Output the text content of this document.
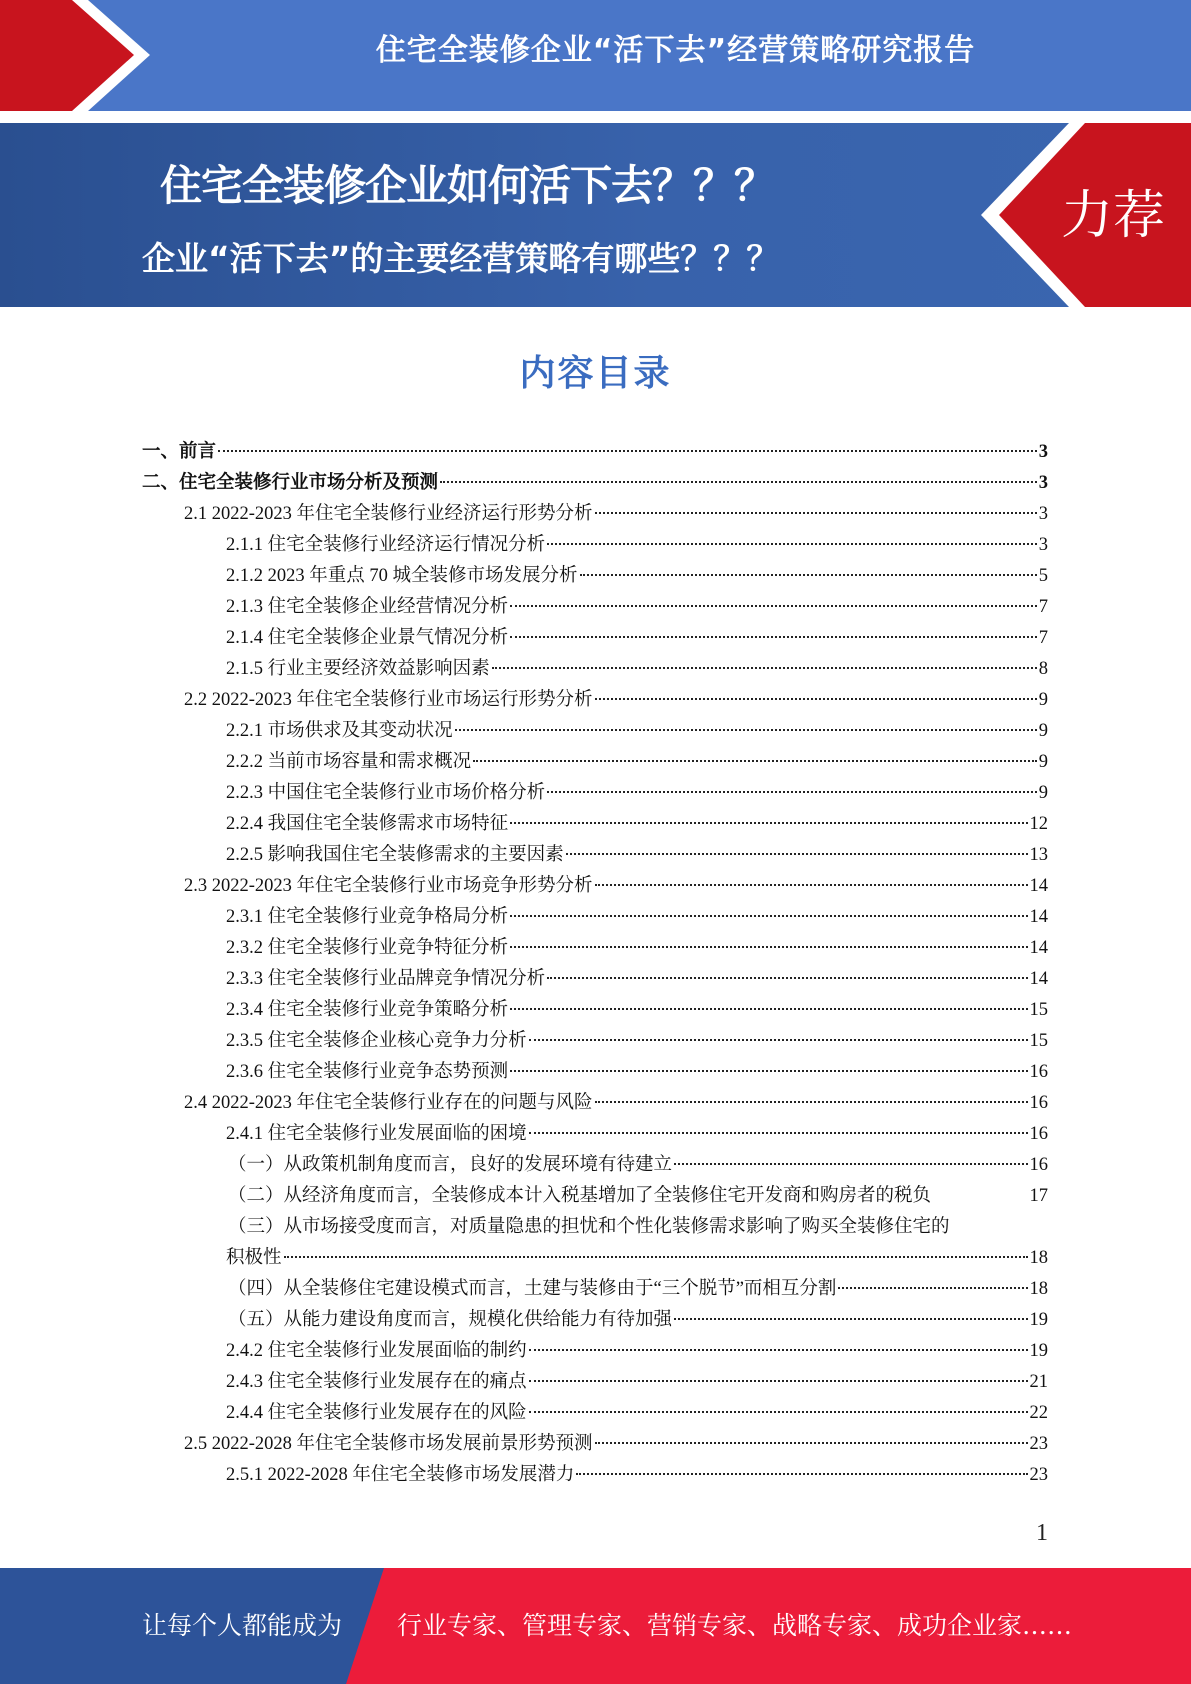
住宅全装修企业“活下去”经营策略研究报告
住宅全装修企业如何活下去？？？
企业“活下去”的主要经营策略有哪些？？？
力荐
内容目录
一、前言	3
二、住宅全装修行业市场分析及预测	3
2.1 2022-2023 年住宅全装修行业经济运行形势分析	3
2.1.1 住宅全装修行业经济运行情况分析	3
2.1.2 2023 年重点 70 城全装修市场发展分析	5
2.1.3 住宅全装修企业经营情况分析	7
2.1.4 住宅全装修企业景气情况分析	7
2.1.5 行业主要经济效益影响因素	8
2.2 2022-2023 年住宅全装修行业市场运行形势分析	9
2.2.1 市场供求及其变动状况	9
2.2.2 当前市场容量和需求概况	9
2.2.3 中国住宅全装修行业市场价格分析	9
2.2.4 我国住宅全装修需求市场特征	12
2.2.5 影响我国住宅全装修需求的主要因素	13
2.3 2022-2023 年住宅全装修行业市场竞争形势分析	14
2.3.1 住宅全装修行业竞争格局分析	14
2.3.2 住宅全装修行业竞争特征分析	14
2.3.3 住宅全装修行业品牌竞争情况分析	14
2.3.4 住宅全装修行业竞争策略分析	15
2.3.5 住宅全装修企业核心竞争力分析	15
2.3.6 住宅全装修行业竞争态势预测	16
2.4 2022-2023 年住宅全装修行业存在的问题与风险	16
2.4.1 住宅全装修行业发展面临的困境	16
（一）从政策机制角度而言，良好的发展环境有待建立	16
（二）从经济角度而言，全装修成本计入税基增加了全装修住宅开发商和购房者的税负	17
（三）从市场接受度而言，对质量隐患的担忧和个性化装修需求影响了购买全装修住宅的
积极性	18
（四）从全装修住宅建设模式而言，土建与装修由于“三个脱节”而相互分割	18
（五）从能力建设角度而言，规模化供给能力有待加强	19
2.4.2 住宅全装修行业发展面临的制约	19
2.4.3 住宅全装修行业发展存在的痛点	21
2.4.4 住宅全装修行业发展存在的风险	22
2.5 2022-2028 年住宅全装修市场发展前景形势预测	23
2.5.1 2022-2028 年住宅全装修市场发展潜力	23
1
让每个人都能成为 行业专家、管理专家、营销专家、战略专家、成功企业家……
